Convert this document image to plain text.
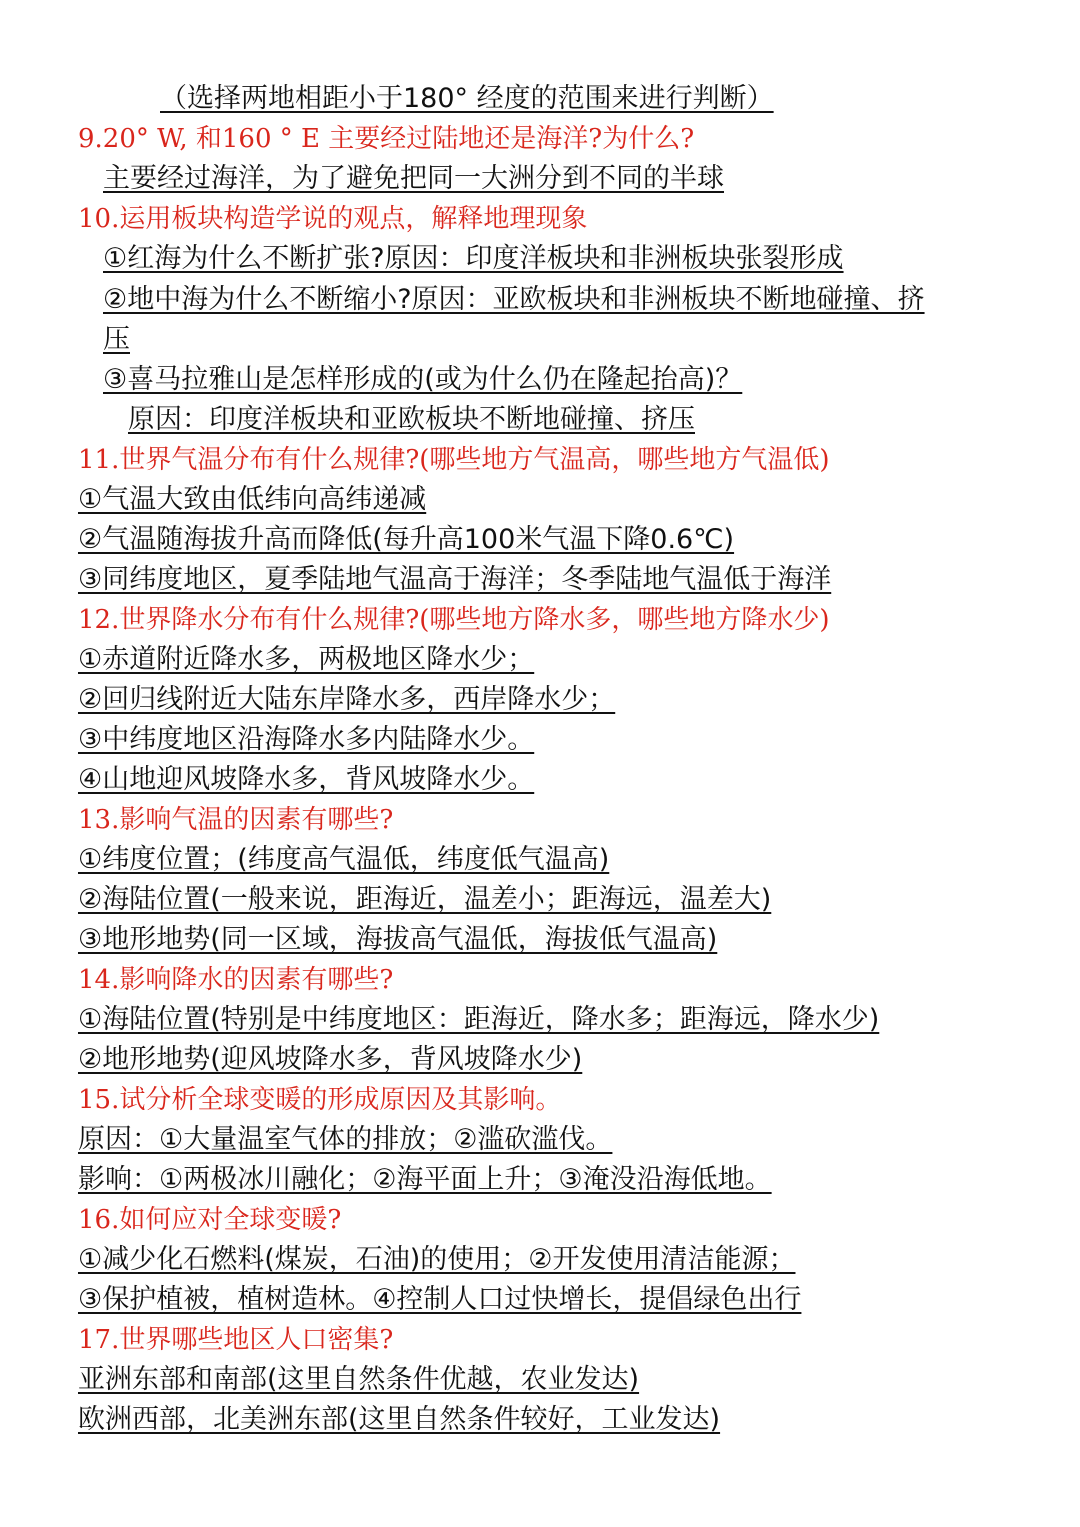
（选择两地相距小于180° 经度的范围来进行判断）
9.20° W, 和160 ° E 主要经过陆地还是海洋?为什么?
主要经过海洋，为了避免把同一大洲分到不同的半球
10.运用板块构造学说的观点，解释地理现象
①红海为什么不断扩张?原因：印度洋板块和非洲板块张裂形成
②地中海为什么不断缩小?原因：亚欧板块和非洲板块不断地碰撞、挤
压
③喜马拉雅山是怎样形成的(或为什么仍在隆起抬高)？
原因：印度洋板块和亚欧板块不断地碰撞、挤压
11.世界气温分布有什么规律?(哪些地方气温高，哪些地方气温低)
①气温大致由低纬向高纬递减
②气温随海拔升高而降低(每升高100米气温下降0.6℃)
③同纬度地区，夏季陆地气温高于海洋；冬季陆地气温低于海洋
12.世界降水分布有什么规律?(哪些地方降水多，哪些地方降水少)
①赤道附近降水多，两极地区降水少；
②回归线附近大陆东岸降水多，西岸降水少；
③中纬度地区沿海降水多内陆降水少。
④山地迎风坡降水多，背风坡降水少。
13.影响气温的因素有哪些?
①纬度位置；(纬度高气温低，纬度低气温高)
②海陆位置(一般来说，距海近，温差小；距海远，温差大)
③地形地势(同一区域，海拔高气温低，海拔低气温高)
14.影响降水的因素有哪些?
①海陆位置(特别是中纬度地区：距海近，降水多；距海远，降水少)
②地形地势(迎风坡降水多，背风坡降水少)
15.试分析全球变暖的形成原因及其影响。
原因：①大量温室气体的排放；②滥砍滥伐。
影响：①两极冰川融化；②海平面上升；③淹没沿海低地。
16.如何应对全球变暖?
①减少化石燃料(煤炭，石油)的使用；②开发使用清洁能源；
③保护植被，植树造林。④控制人口过快增长，提倡绿色出行
17.世界哪些地区人口密集?
亚洲东部和南部(这里自然条件优越，农业发达)
欧洲西部，北美洲东部(这里自然条件较好，工业发达)
